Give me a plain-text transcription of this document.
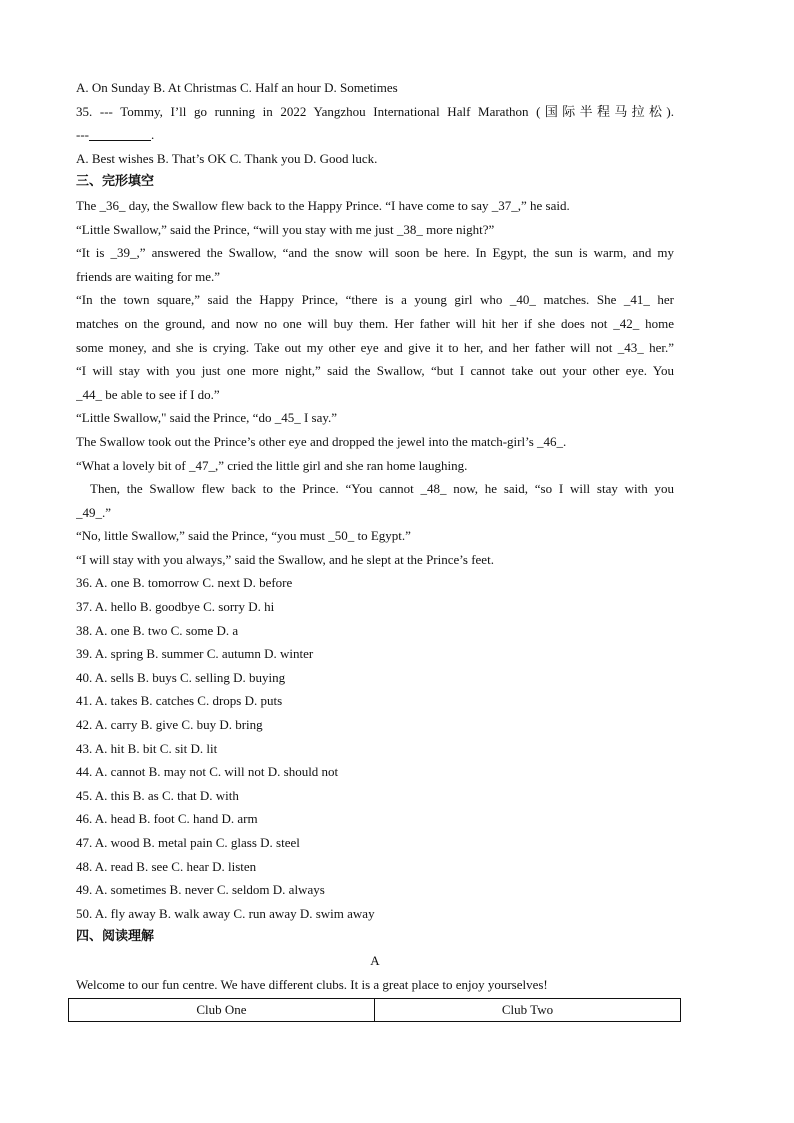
A. On Sunday B. At Christmas C. Half an hour D. Sometimes
35. --- Tommy, I’ll go running in 2022 Yangzhou International Half Marathon (国际半程马拉松).
---	.
A. Best wishes B. That’s OK C. Thank you D. Good luck.
三、完形填空
The _36_ day, the Swallow flew back to the Happy Prince. “I have come to say _37_,” he said.
“Little Swallow,” said the Prince, “will you stay with me just _38_ more night?”
“It is _39_,” answered the Swallow, “and the snow will soon be here. In Egypt, the sun is warm, and my
friends are waiting for me.”
“In the town square,” said the Happy Prince, “there is a young girl who _40_ matches. She _41_ her
matches on the ground, and now no one will buy them. Her father will hit her if she does not _42_ home
some money, and she is crying. Take out my other eye and give it to her, and her father will not _43_ her.”
“I will stay with you just one more night,” said the Swallow, “but I cannot take out your other eye. You
_44_ be able to see if I do.”
“Little Swallow," said the Prince, “do _45_ I say.”
The Swallow took out the Prince’s other eye and dropped the jewel into the match-girl’s _46_.
“What a lovely bit of _47_,” cried the little girl and she ran home laughing.
Then, the Swallow flew back to the Prince. “You cannot _48_ now, he said, “so I will stay with you
_49_.”
“No, little Swallow,” said the Prince, “you must _50_ to Egypt.”
“I will stay with you always,” said the Swallow, and he slept at the Prince’s feet.
36. A. one B. tomorrow C. next D. before
37. A. hello B. goodbye C. sorry D. hi
38. A. one B. two C. some D. a
39. A. spring B. summer C. autumn D. winter
40. A. sells B. buys C. selling D. buying
41. A. takes B. catches C. drops D. puts
42. A. carry B. give C. buy D. bring
43. A. hit B. bit C. sit D. lit
44. A. cannot B. may not C. will not D. should not
45. A. this B. as C. that D. with
46. A. head B. foot C. hand D. arm
47. A. wood B. metal pain C. glass D. steel
48. A. read B. see C. hear D. listen
49. A. sometimes B. never C. seldom D. always
50. A. fly away B. walk away C. run away D. swim away
四、阅读理解
A
Welcome to our fun centre. We have different clubs. It is a great place to enjoy yourselves!
Club One	Club Two
